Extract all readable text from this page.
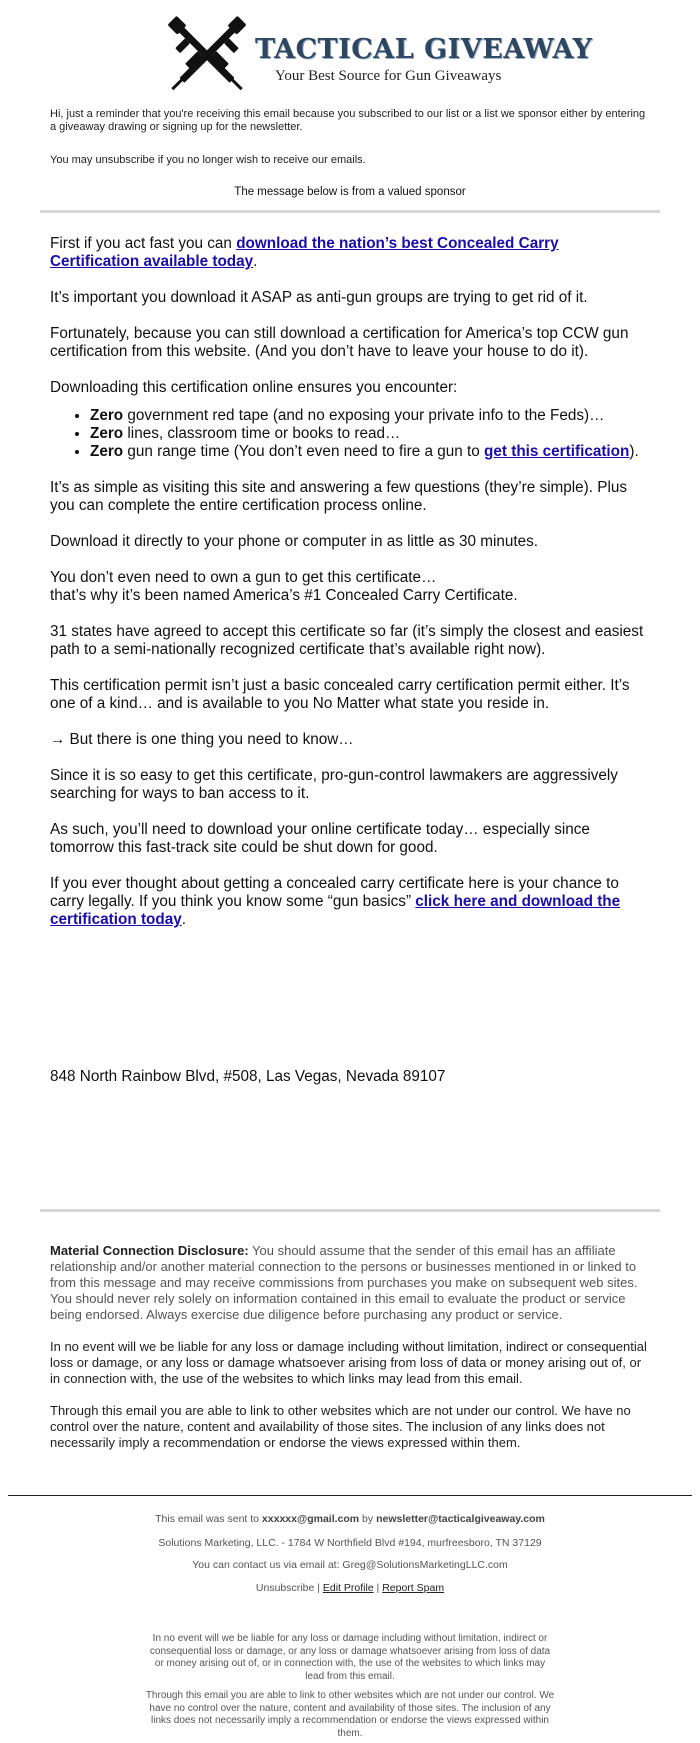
TACTICAL GIVEAWAY
Your Best Source for Gun Giveaways
Hi, just a reminder that you're receiving this email because you subscribed to our list or a list we sponsor either by entering a giveaway drawing or signing up for the newsletter.
You may unsubscribe if you no longer wish to receive our emails.
The message below is from a valued sponsor

First if you act fast you can download the nation’s best Concealed Carry Certification available today.

It’s important you download it ASAP as anti-gun groups are trying to get rid of it.

Fortunately, because you can still download a certification for America’s top CCW gun certification from this website. (And you don’t have to leave your house to do it).

Downloading this certification online ensures you encounter:

• Zero government red tape (and no exposing your private info to the Feds)…
• Zero lines, classroom time or books to read…
• Zero gun range time (You don’t even need to fire a gun to get this certification).

It’s as simple as visiting this site and answering a few questions (they’re simple). Plus you can complete the entire certification process online.

Download it directly to your phone or computer in as little as 30 minutes.

You don’t even need to own a gun to get this certificate…
that’s why it’s been named America’s #1 Concealed Carry Certificate.

31 states have agreed to accept this certificate so far (it’s simply the closest and easiest path to a semi-nationally recognized certificate that’s available right now).

This certification permit isn’t just a basic concealed carry certification permit either. It’s one of a kind… and is available to you No Matter what state you reside in.

→ But there is one thing you need to know…

Since it is so easy to get this certificate, pro-gun-control lawmakers are aggressively searching for ways to ban access to it.

As such, you’ll need to download your online certificate today… especially since tomorrow this fast-track site could be shut down for good.

If you ever thought about getting a concealed carry certificate here is your chance to carry legally. If you think you know some “gun basics” click here and download the certification today.

848 North Rainbow Blvd, #508, Las Vegas, Nevada 89107

Material Connection Disclosure: You should assume that the sender of this email has an affiliate relationship and/or another material connection to the persons or businesses mentioned in or linked to from this message and may receive commissions from purchases you make on subsequent web sites. You should never rely solely on information contained in this email to evaluate the product or service being endorsed. Always exercise due diligence before purchasing any product or service.

In no event will we be liable for any loss or damage including without limitation, indirect or consequential loss or damage, or any loss or damage whatsoever arising from loss of data or money arising out of, or in connection with, the use of the websites to which links may lead from this email.

Through this email you are able to link to other websites which are not under our control. We have no control over the nature, content and availability of those sites. The inclusion of any links does not necessarily imply a recommendation or endorse the views expressed within them.

This email was sent to xxxxxx@gmail.com by newsletter@tacticalgiveaway.com
Solutions Marketing, LLC. - 1784 W Northfield Blvd #194, murfreesboro, TN 37129
You can contact us via email at: Greg@SolutionsMarketingLLC.com
Unsubscribe | Edit Profile | Report Spam
In no event will we be liable for any loss or damage including without limitation, indirect or consequential loss or damage, or any loss or damage whatsoever arising from loss of data or money arising out of, or in connection with, the use of the websites to which links may lead from this email.
Through this email you are able to link to other websites which are not under our control. We have no control over the nature, content and availability of those sites. The inclusion of any links does not necessarily imply a recommendation or endorse the views expressed within them.
